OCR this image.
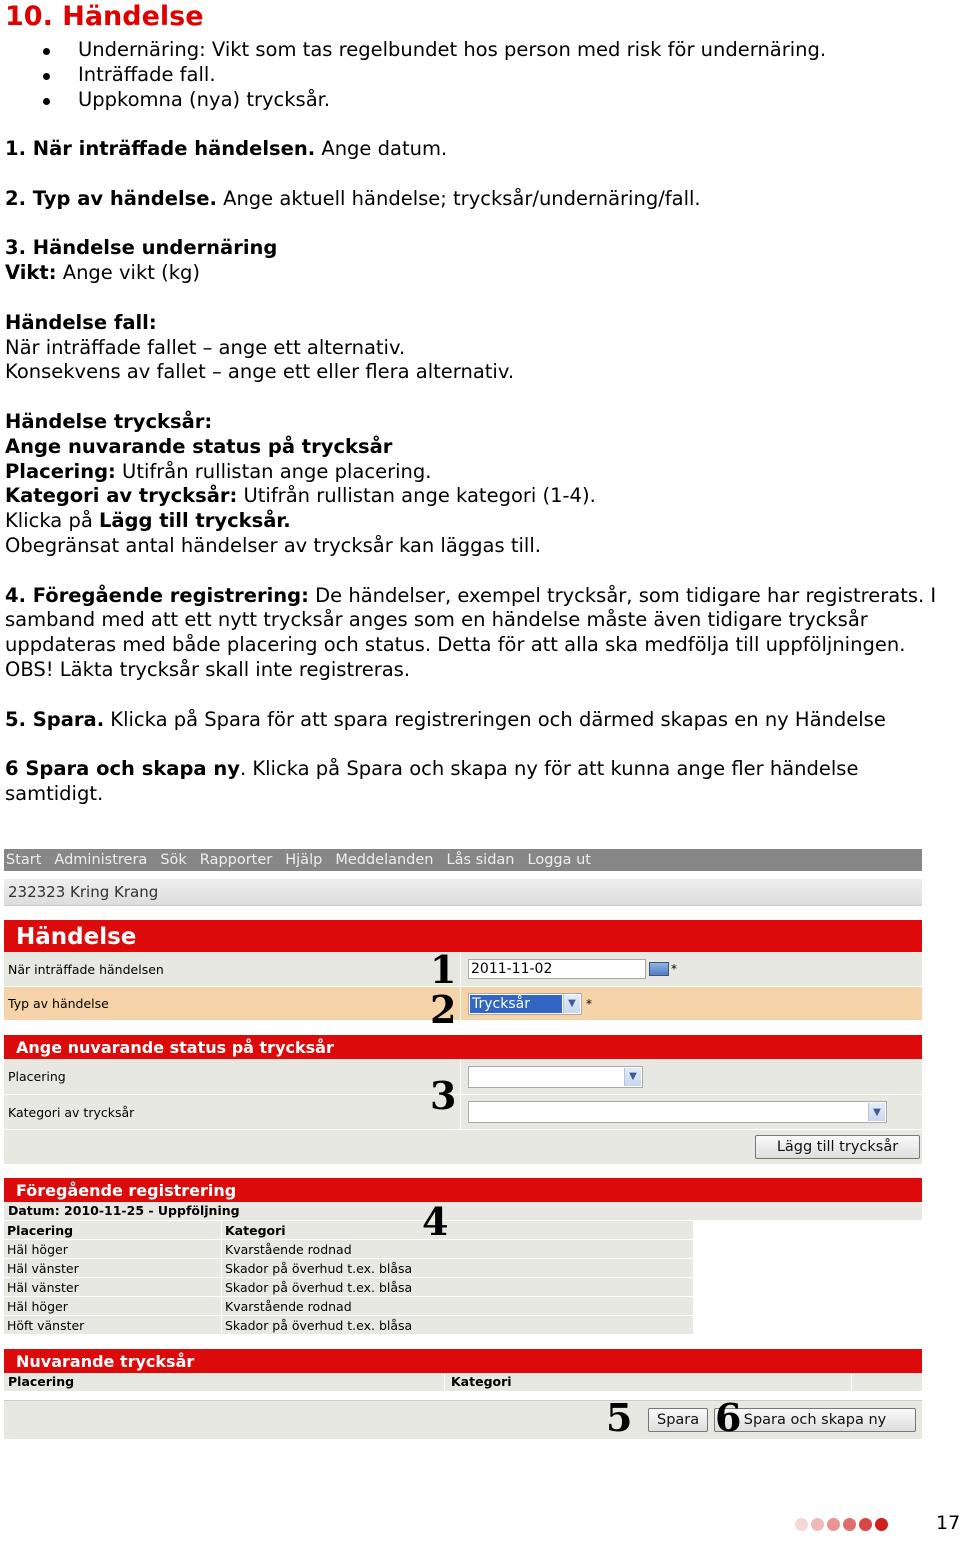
10. Händelse
Undernäring: Vikt som tas regelbundet hos person med risk för undernäring.
Inträffade fall.
Uppkomna (nya) trycksår.

1. När inträffade händelsen. Ange datum.

2. Typ av händelse. Ange aktuell händelse; trycksår/undernäring/fall.

3. Händelse undernäring

Vikt: Ange vikt (kg)

Händelse fall:

När inträffade fallet – ange ett alternativ.

Konsekvens av fallet – ange ett eller flera alternativ.

Händelse trycksår:

Ange nuvarande status på trycksår

Placering: Utifrån rullistan ange placering.

Kategori av trycksår: Utifrån rullistan ange kategori (1-4).

Klicka på Lägg till trycksår.

Obegränsat antal händelser av trycksår kan läggas till.

4. Föregående registrering: De händelser, exempel trycksår, som tidigare har registrerats. I samband med att ett nytt trycksår anges som en händelse måste även tidigare trycksår uppdateras med både placering och status. Detta för att alla ska medfölja till uppföljningen. OBS! Läkta trycksår skall inte registreras.

5. Spara. Klicka på Spara för att spara registreringen och därmed skapas en ny Händelse

6 Spara och skapa ny. Klicka på Spara och skapa ny för att kunna ange fler händelse samtidigt.

Start Administrera Sök Rapporter Hjälp Meddelanden Lås sidan Logga ut
232323 Kring Krang
Händelse
När inträffade händelsen	2011-11-02	*
Typ av händelse	Trycksår	▼ *
Ange nuvarande status på trycksår
Placering	▼
Kategori av trycksår	▼
Lägg till trycksår
Föregående registrering
Datum: 2010-11-25 - Uppföljning
Placering	Kategori
Häl höger	Kvarstående rodnad
Häl vänster	Skador på överhud t.ex. blåsa
Häl vänster	Skador på överhud t.ex. blåsa
Häl höger	Kvarstående rodnad
Höft vänster	Skador på överhud t.ex. blåsa
Nuvarande trycksår
Placering	Kategori
Spara	Spara och skapa ny
1
2
3
4
5 6
17
